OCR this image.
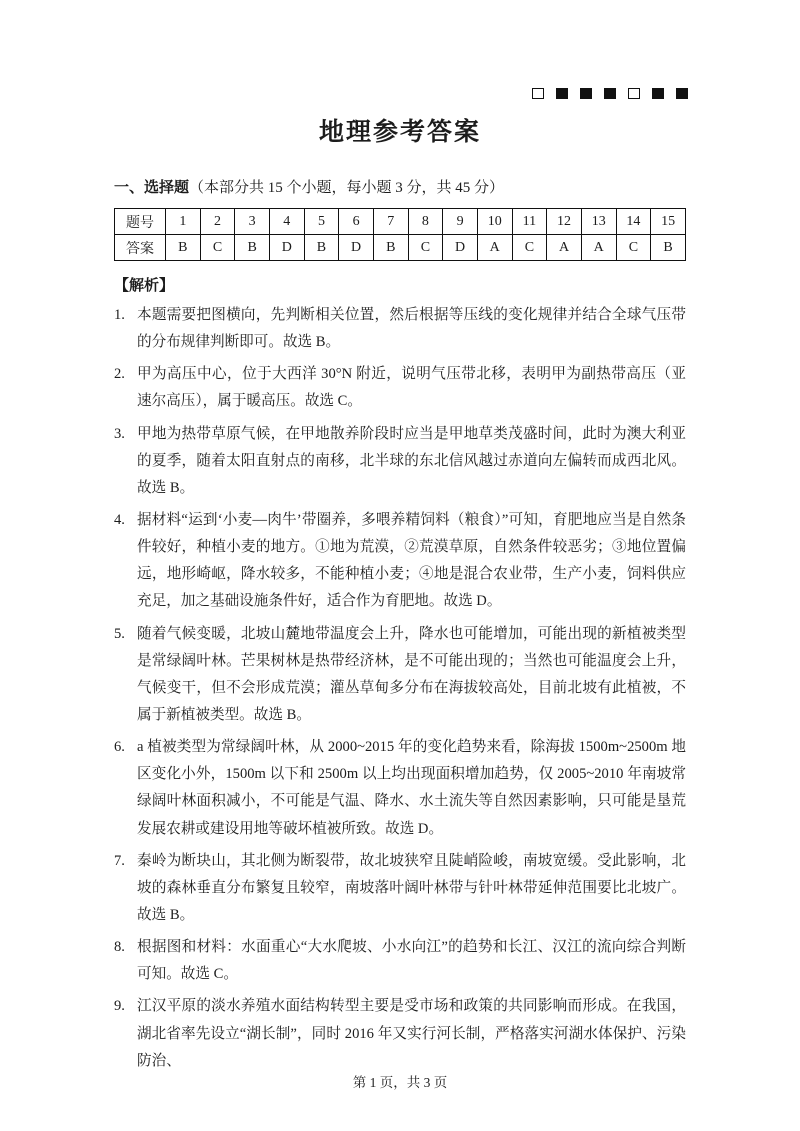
地理参考答案

一、选择题（本部分共 15 个小题，每小题 3 分，共 45 分）

题号	1	2	3	4	5	6	7	8	9	10	11	12	13	14	15
答案	B	C	B	D	B	D	B	C	D	A	C	A	A	C	B

【解析】

1. 本题需要把图横向，先判断相关位置，然后根据等压线的变化规律并结合全球气压带的分布规律判断即可。故选 B。
2. 甲为高压中心，位于大西洋 30°N 附近，说明气压带北移，表明甲为副热带高压（亚速尔高压），属于暖高压。故选 C。
3. 甲地为热带草原气候，在甲地散养阶段时应当是甲地草类茂盛时间，此时为澳大利亚的夏季，随着太阳直射点的南移，北半球的东北信风越过赤道向左偏转而成西北风。故选 B。
4. 据材料“运到‘小麦—肉牛’带圈养，多喂养精饲料（粮食）”可知，育肥地应当是自然条件较好，种植小麦的地方。①地为荒漠，②荒漠草原，自然条件较恶劣；③地位置偏远，地形崎岖，降水较多，不能种植小麦；④地是混合农业带，生产小麦，饲料供应充足，加之基础设施条件好，适合作为育肥地。故选 D。
5. 随着气候变暖，北坡山麓地带温度会上升，降水也可能增加，可能出现的新植被类型是常绿阔叶林。芒果树林是热带经济林，是不可能出现的；当然也可能温度会上升，气候变干，但不会形成荒漠；灌丛草甸多分布在海拔较高处，目前北坡有此植被，不属于新植被类型。故选 B。
6. a 植被类型为常绿阔叶林，从 2000~2015 年的变化趋势来看，除海拔 1500m~2500m 地区变化小外，1500m 以下和 2500m 以上均出现面积增加趋势，仅 2005~2010 年南坡常绿阔叶林面积减小，不可能是气温、降水、水土流失等自然因素影响，只可能是垦荒发展农耕或建设用地等破坏植被所致。故选 D。
7. 秦岭为断块山，其北侧为断裂带，故北坡狭窄且陡峭险峻，南坡宽缓。受此影响，北坡的森林垂直分布繁复且较窄，南坡落叶阔叶林带与针叶林带延伸范围要比北坡广。故选 B。
8. 根据图和材料：水面重心“大水爬坡、小水向江”的趋势和长江、汉江的流向综合判断可知。故选 C。
9. 江汉平原的淡水养殖水面结构转型主要是受市场和政策的共同影响而形成。在我国，湖北省率先设立“湖长制”，同时 2016 年又实行河长制，严格落实河湖水体保护、污染防治、
第 1 页，共 3 页
